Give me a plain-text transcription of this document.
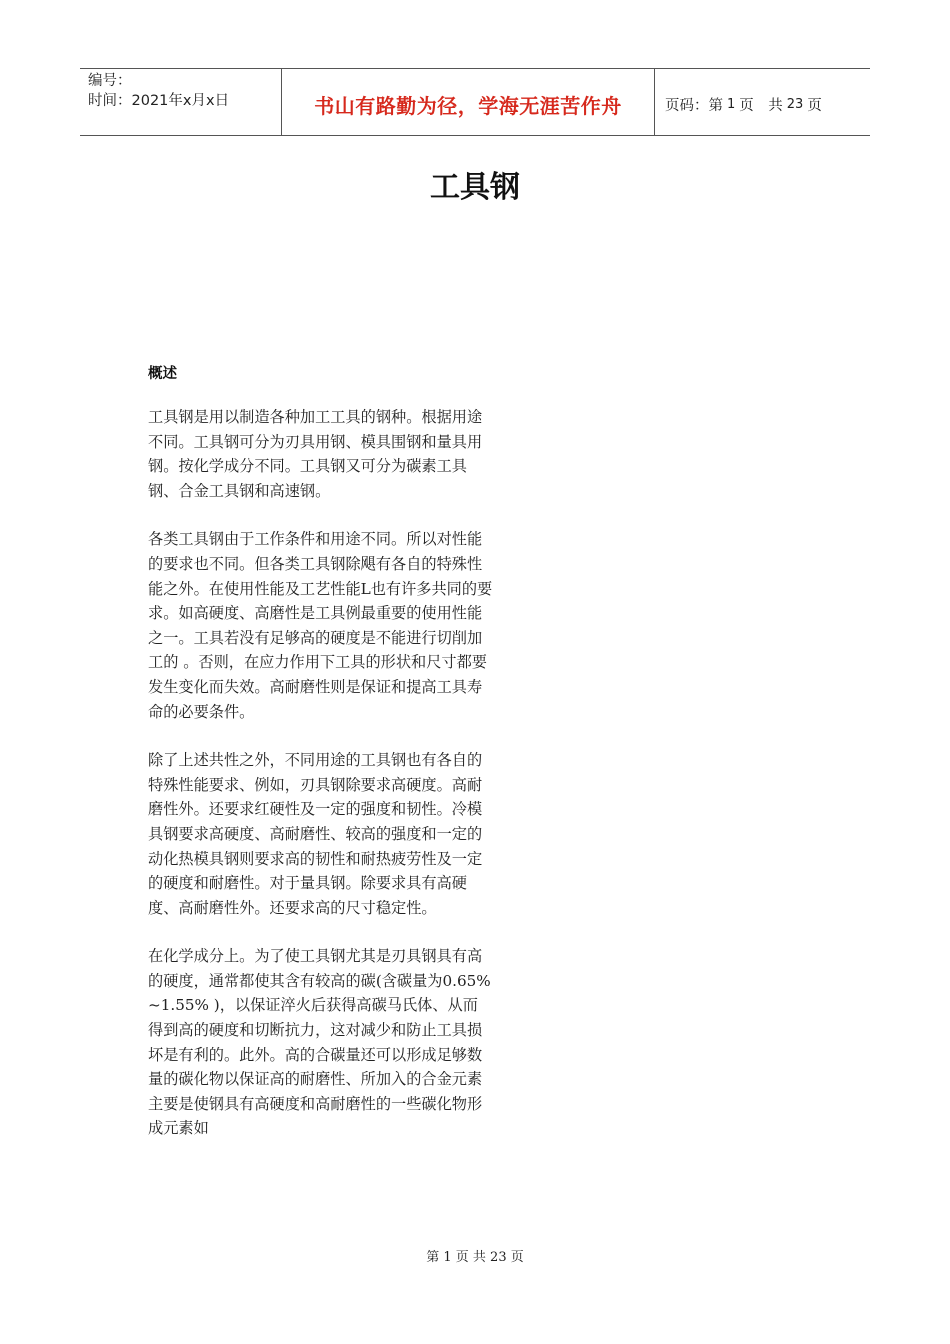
编号：
时间：2021年x月x日	书山有路勤为径，学海无涯苦作舟	页码：第 1 页　共 23 页
工具钢
概述

工具钢是用以制造各种加工工具的钢种。根据用途不同。工具钢可分为刃具用钢、模具围钢和量具用钢。按化学成分不同。工具钢又可分为碳素工具钢、合金工具钢和高速钢。

各类工具钢由于工作条件和用途不同。所以对性能的要求也不同。但各类工具钢除飓有各自的特殊性能之外。在使用性能及工艺性能L也有许多共同的要求。如高硬度、高磨性是工具例最重要的使用性能之一。工具若没有足够高的硬度是不能进行切削加工的 。否则，在应力作用下工具的形状和尺寸都要发生变化而失效。高耐磨性则是保证和提高工具寿命的必要条件。

除了上述共性之外，不同用途的工具钢也有各自的特殊性能要求、例如，刃具钢除要求高硬度。高耐磨性外。还要求红硬性及一定的强度和韧性。冷模具钢要求高硬度、高耐磨性、较高的强度和一定的动化热模具钢则要求高的韧性和耐热疲劳性及一定的硬度和耐磨性。对于量具钢。除要求具有高硬度、高耐磨性外。还要求高的尺寸稳定性。

在化学成分上。为了使工具钢尤其是刃具钢具有高的硬度，通常都使其含有较高的碳(含碳量为0.65% ~1.55% )，以保证淬火后获得高碳马氏体、从而得到高的硬度和切断抗力，这对减少和防止工具损坏是有利的。此外。高的合碳量还可以形成足够数量的碳化物以保证高的耐磨性、所加入的合金元素主要是使钢具有高硬度和高耐磨性的一些碳化物形成元素如

第 1 页 共 23 页
